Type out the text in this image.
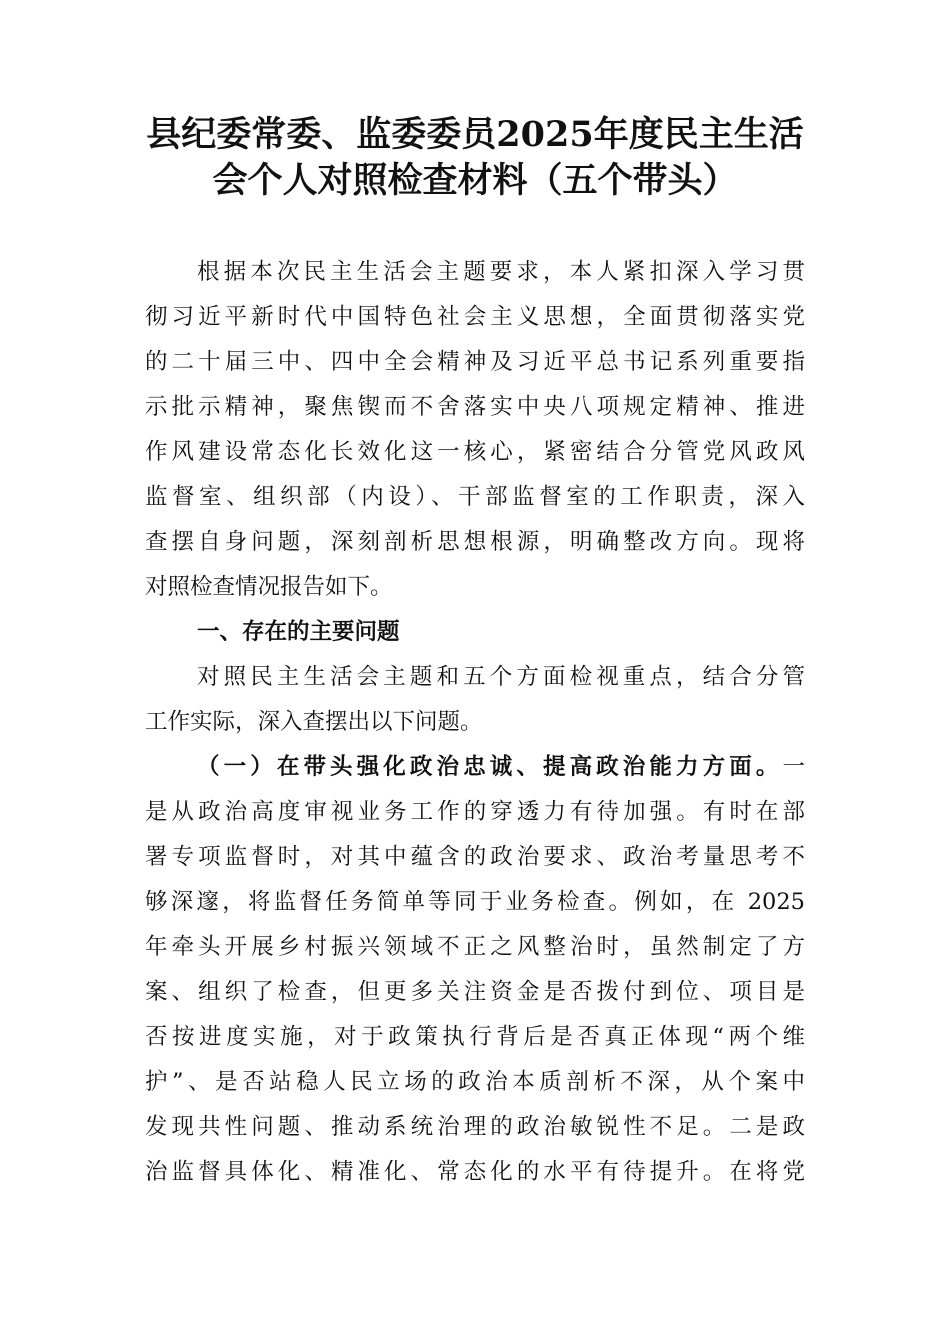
县纪委常委、监委委员2025年度民主生活
会个人对照检查材料（五个带头）
根据本次民主生活会主题要求，本人紧扣深入学习贯
彻习近平新时代中国特色社会主义思想，全面贯彻落实党
的二十届三中、四中全会精神及习近平总书记系列重要指
示批示精神，聚焦锲而不舍落实中央八项规定精神、推进
作风建设常态化长效化这一核心，紧密结合分管党风政风
监督室、组织部（内设）、干部监督室的工作职责，深入
查摆自身问题，深刻剖析思想根源，明确整改方向。现将
对照检查情况报告如下。
一、存在的主要问题
对照民主生活会主题和五个方面检视重点，结合分管
工作实际，深入查摆出以下问题。
（一）在带头强化政治忠诚、提高政治能力方面。一
是从政治高度审视业务工作的穿透力有待加强。有时在部
署专项监督时，对其中蕴含的政治要求、政治考量思考不
够深邃，将监督任务简单等同于业务检查。例如，在 2025
年牵头开展乡村振兴领域不正之风整治时，虽然制定了方
案、组织了检查，但更多关注资金是否拨付到位、项目是
否按进度实施，对于政策执行背后是否真正体现“两个维
护”、是否站稳人民立场的政治本质剖析不深，从个案中
发现共性问题、推动系统治理的政治敏锐性不足。二是政
治监督具体化、精准化、常态化的水平有待提升。在将党
